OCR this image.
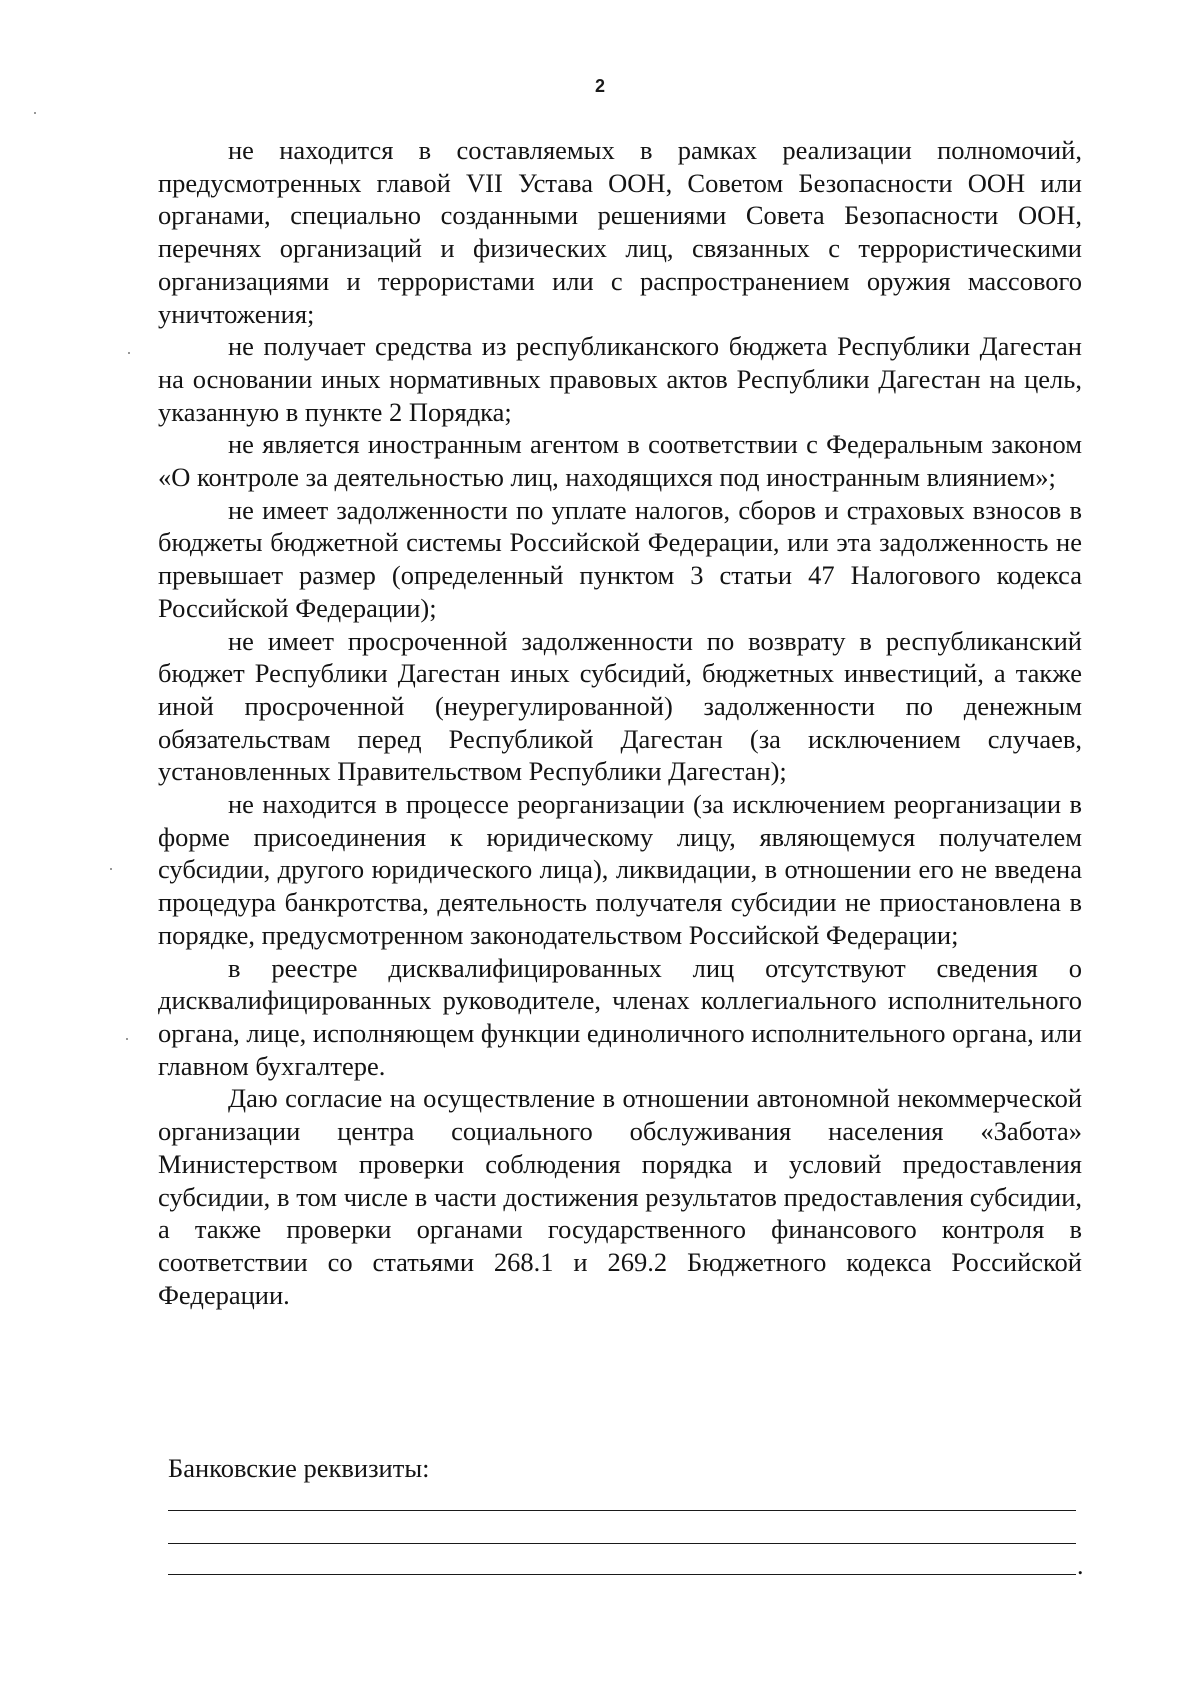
2

не находится в составляемых в рамках реализации полномочий, предусмотренных главой VII Устава ООН, Советом Безопасности ООН или органами, специально созданными решениями Совета Безопасности ООН, перечнях организаций и физических лиц, связанных с террористическими организациями и террористами или с распространением оружия массового уничтожения;

не получает средства из республиканского бюджета Республики Дагестан на основании иных нормативных правовых актов Республики Дагестан на цель, указанную в пункте 2 Порядка;

не является иностранным агентом в соответствии с Федеральным законом «О контроле за деятельностью лиц, находящихся под иностранным влиянием»;

не имеет задолженности по уплате налогов, сборов и страховых взносов в бюджеты бюджетной системы Российской Федерации, или эта задолженность не превышает размер (определенный пунктом 3 статьи 47 Налогового кодекса Российской Федерации);

не имеет просроченной задолженности по возврату в республиканский бюджет Республики Дагестан иных субсидий, бюджетных инвестиций, а также иной просроченной (неурегулированной) задолженности по денежным обязательствам перед Республикой Дагестан (за исключением случаев, установленных Правительством Республики Дагестан);

не находится в процессе реорганизации (за исключением реорганизации в форме присоединения к юридическому лицу, являющемуся получателем субсидии, другого юридического лица), ликвидации, в отношении его не введена процедура банкротства, деятельность получателя субсидии не приостановлена в порядке, предусмотренном законодательством Российской Федерации;

в реестре дисквалифицированных лиц отсутствуют сведения о дисквалифицированных руководителе, членах коллегиального исполнительного органа, лице, исполняющем функции единоличного исполнительного органа, или главном бухгалтере.

Даю согласие на осуществление в отношении автономной некоммерческой организации центра социального обслуживания населения «Забота» Министерством проверки соблюдения порядка и условий предоставления субсидии, в том числе в части достижения результатов предоставления субсидии, а также проверки органами государственного финансового контроля в соответствии со статьями 268.1 и 269.2 Бюджетного кодекса Российской Федерации.

Банковские реквизиты:
.
